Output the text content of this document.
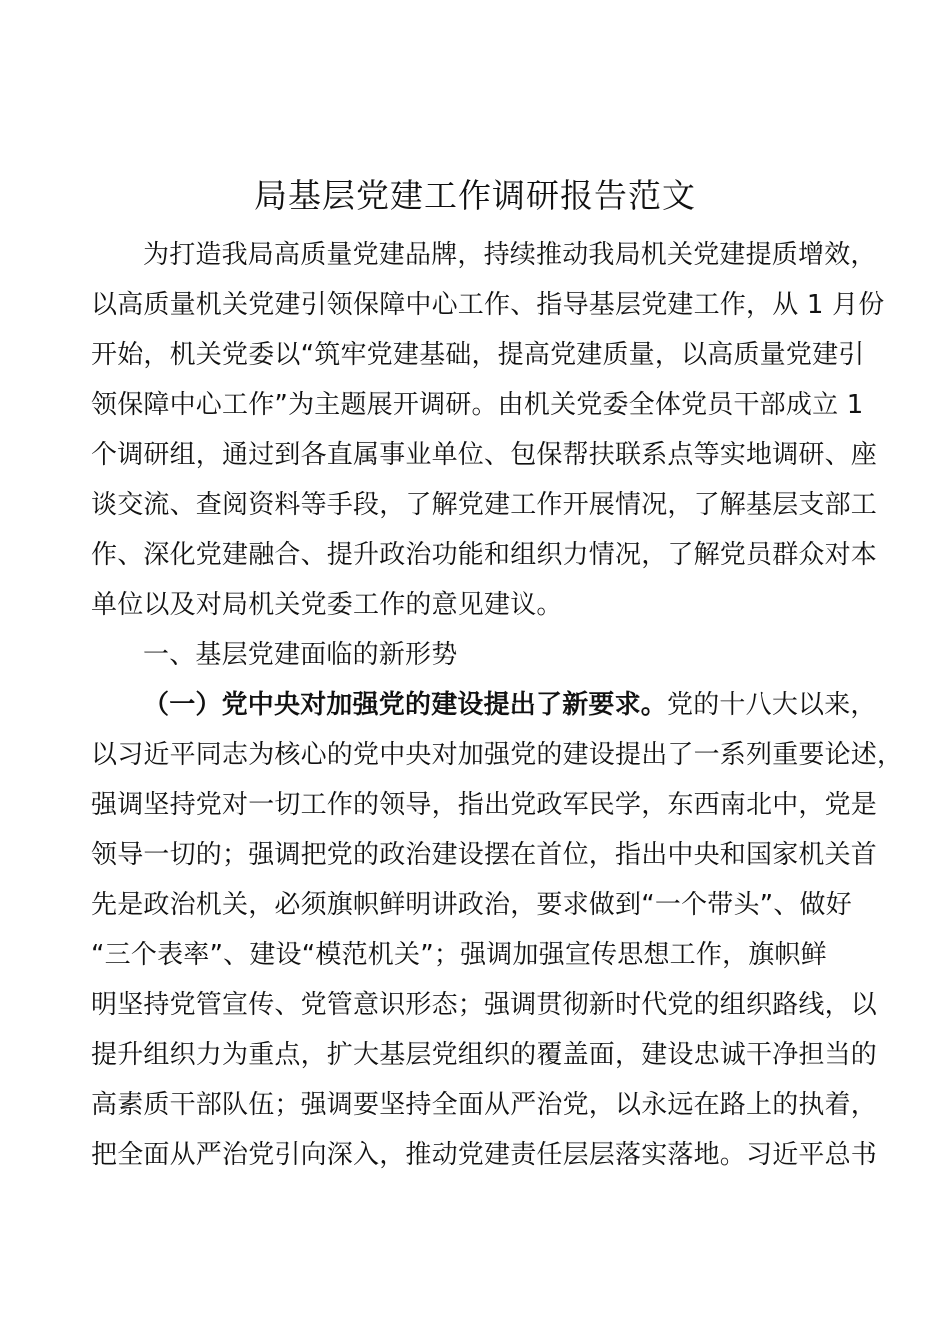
局基层党建工作调研报告范文
为打造我局高质量党建品牌，持续推动我局机关党建提质增效，
以高质量机关党建引领保障中心工作、指导基层党建工作，从 1 月份
开始，机关党委以“筑牢党建基础，提高党建质量，以高质量党建引
领保障中心工作”为主题展开调研。由机关党委全体党员干部成立 1
个调研组，通过到各直属事业单位、包保帮扶联系点等实地调研、座
谈交流、查阅资料等手段，了解党建工作开展情况，了解基层支部工
作、深化党建融合、提升政治功能和组织力情况，了解党员群众对本
单位以及对局机关党委工作的意见建议。
一、基层党建面临的新形势
（一）党中央对加强党的建设提出了新要求。党的十八大以来，
以习近平同志为核心的党中央对加强党的建设提出了一系列重要论述，
强调坚持党对一切工作的领导，指出党政军民学，东西南北中，党是
领导一切的；强调把党的政治建设摆在首位，指出中央和国家机关首
先是政治机关，必须旗帜鲜明讲政治，要求做到“一个带头”、做好
“三个表率”、建设“模范机关”；强调加强宣传思想工作，旗帜鲜
明坚持党管宣传、党管意识形态；强调贯彻新时代党的组织路线，以
提升组织力为重点，扩大基层党组织的覆盖面，建设忠诚干净担当的
高素质干部队伍；强调要坚持全面从严治党，以永远在路上的执着，
把全面从严治党引向深入，推动党建责任层层落实落地。习近平总书
